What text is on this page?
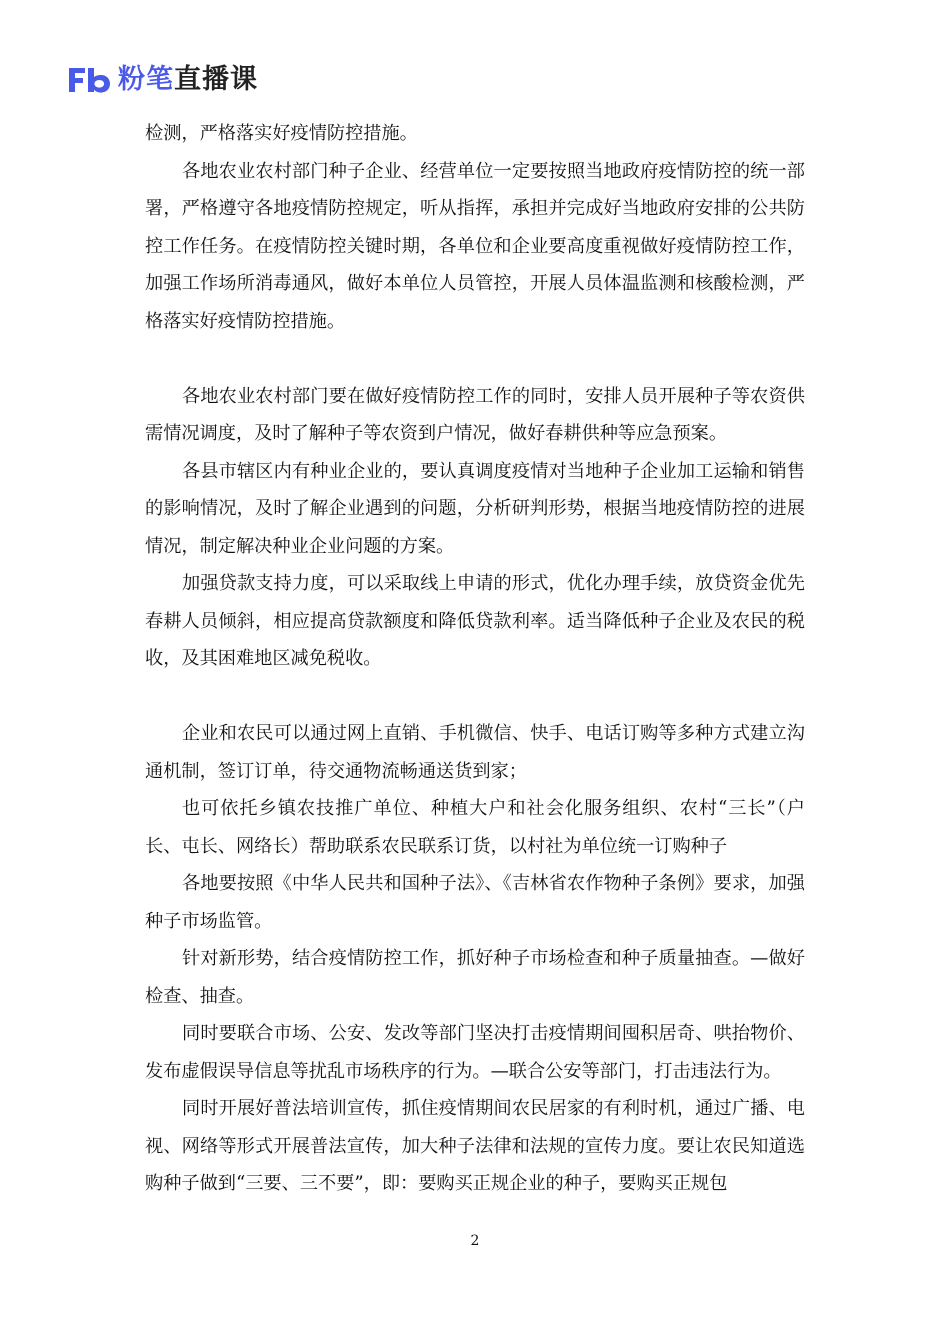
粉笔直播课

检测，严格落实好疫情防控措施。

各地农业农村部门种子企业、经营单位一定要按照当地政府疫情防控的统一部署，严格遵守各地疫情防控规定，听从指挥，承担并完成好当地政府安排的公共防控工作任务。在疫情防控关键时期，各单位和企业要高度重视做好疫情防控工作，加强工作场所消毒通风，做好本单位人员管控，开展人员体温监测和核酸检测，严格落实好疫情防控措施。

各地农业农村部门要在做好疫情防控工作的同时，安排人员开展种子等农资供需情况调度，及时了解种子等农资到户情况，做好春耕供种等应急预案。

各县市辖区内有种业企业的，要认真调度疫情对当地种子企业加工运输和销售的影响情况，及时了解企业遇到的问题，分析研判形势，根据当地疫情防控的进展情况，制定解决种业企业问题的方案。

加强贷款支持力度，可以采取线上申请的形式，优化办理手续，放贷资金优先春耕人员倾斜，相应提高贷款额度和降低贷款利率。适当降低种子企业及农民的税收，及其困难地区减免税收。

企业和农民可以通过网上直销、手机微信、快手、电话订购等多种方式建立沟通机制，签订订单，待交通物流畅通送货到家；

也可依托乡镇农技推广单位、种植大户和社会化服务组织、农村“三长”（户长、屯长、网络长）帮助联系农民联系订货，以村社为单位统一订购种子

各地要按照《中华人民共和国种子法》、《吉林省农作物种子条例》要求，加强种子市场监管。

针对新形势，结合疫情防控工作，抓好种子市场检查和种子质量抽查。—做好检查、抽查。

同时要联合市场、公安、发改等部门坚决打击疫情期间囤积居奇、哄抬物价、发布虚假误导信息等扰乱市场秩序的行为。—联合公安等部门，打击违法行为。

同时开展好普法培训宣传，抓住疫情期间农民居家的有利时机，通过广播、电视、网络等形式开展普法宣传，加大种子法律和法规的宣传力度。要让农民知道选购种子做到“三要、三不要”，即：要购买正规企业的种子，要购买正规包

2
